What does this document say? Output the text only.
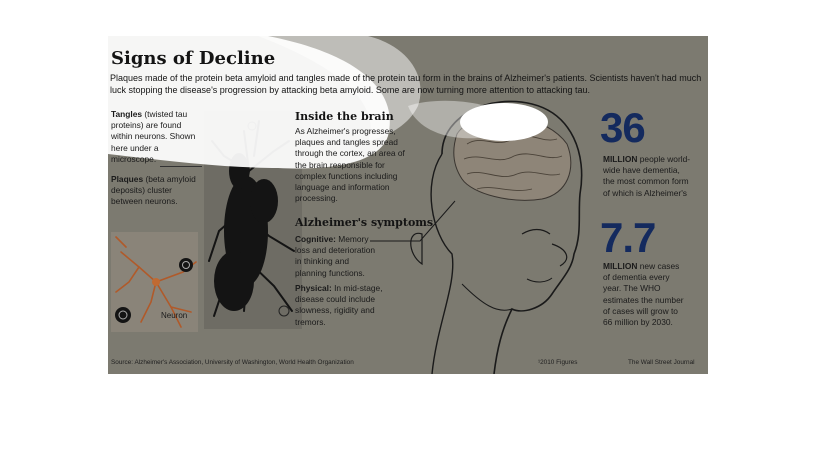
Neuron

Signs of Decline

Plaques made of the protein beta amyloid and tangles made of the protein tau form in the brains of Alzheimer's patients. Scientists haven't had much luck stopping the disease's progression by attacking beta amyloid. Some are now turning more attention to attacking tau.

Tangles (twisted tau proteins) are found within neurons. Shown here under a microscope.

Plaques (beta amyloid deposits) cluster between neurons.

Inside the brain

As Alzheimer's progresses, plaques and tangles spread through the cortex, an area of the brain responsible for complex functions including language and information processing.

Alzheimer's symptoms

Cognitive: Memory loss and deterioration in thinking and planning functions.

Physical: In mid-stage, disease could include slowness, rigidity and tremors.

36

MILLION people world-wide have dementia, the most common form of which is Alzheimer's

7.7

MILLION new cases of dementia every year. The WHO estimates the number of cases will grow to 66 million by 2030.

Source: Alzheimer's Association, University of Washington, World Health Organization	¹2010 Figures	The Wall Street Journal
